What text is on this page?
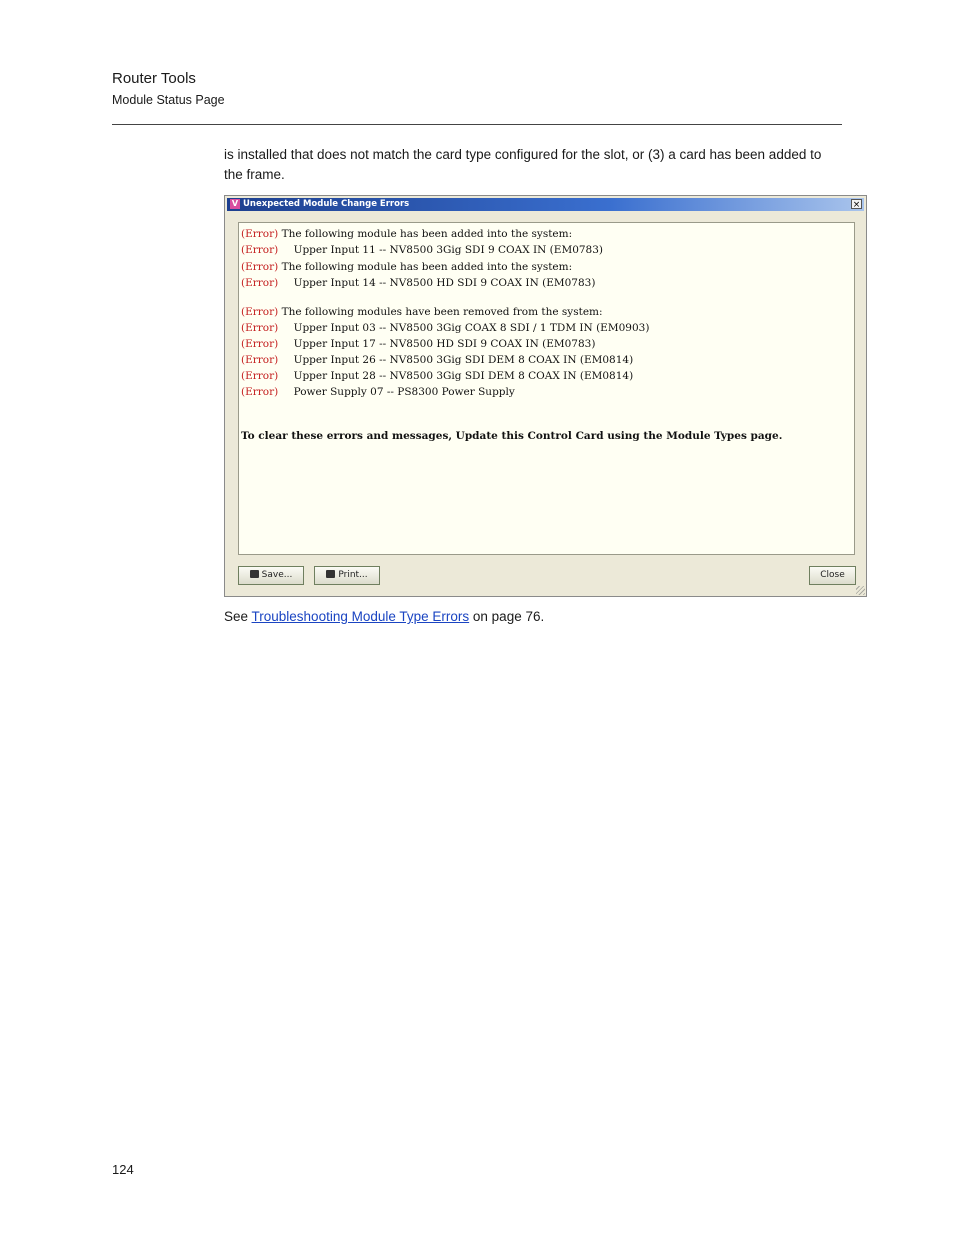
Router Tools
Module Status Page
is installed that does not match the card type configured for the slot, or (3) a card has been added to the frame.
V Unexpected Module Change Errors	×
(Error) The following module has been added into the system:
(Error) Upper Input 11 -- NV8500 3Gig SDI 9 COAX IN (EM0783)
(Error) The following module has been added into the system:
(Error) Upper Input 14 -- NV8500 HD SDI 9 COAX IN (EM0783)
(Error) The following modules have been removed from the system:
(Error) Upper Input 03 -- NV8500 3Gig COAX 8 SDI / 1 TDM IN (EM0903)
(Error) Upper Input 17 -- NV8500 HD SDI 9 COAX IN (EM0783)
(Error) Upper Input 26 -- NV8500 3Gig SDI DEM 8 COAX IN (EM0814)
(Error) Upper Input 28 -- NV8500 3Gig SDI DEM 8 COAX IN (EM0814)
(Error) Power Supply 07 -- PS8300 Power Supply
To clear these errors and messages, Update this Control Card using the Module Types page.
Save...	Print...	Close
See Troubleshooting Module Type Errors on page 76.
124
